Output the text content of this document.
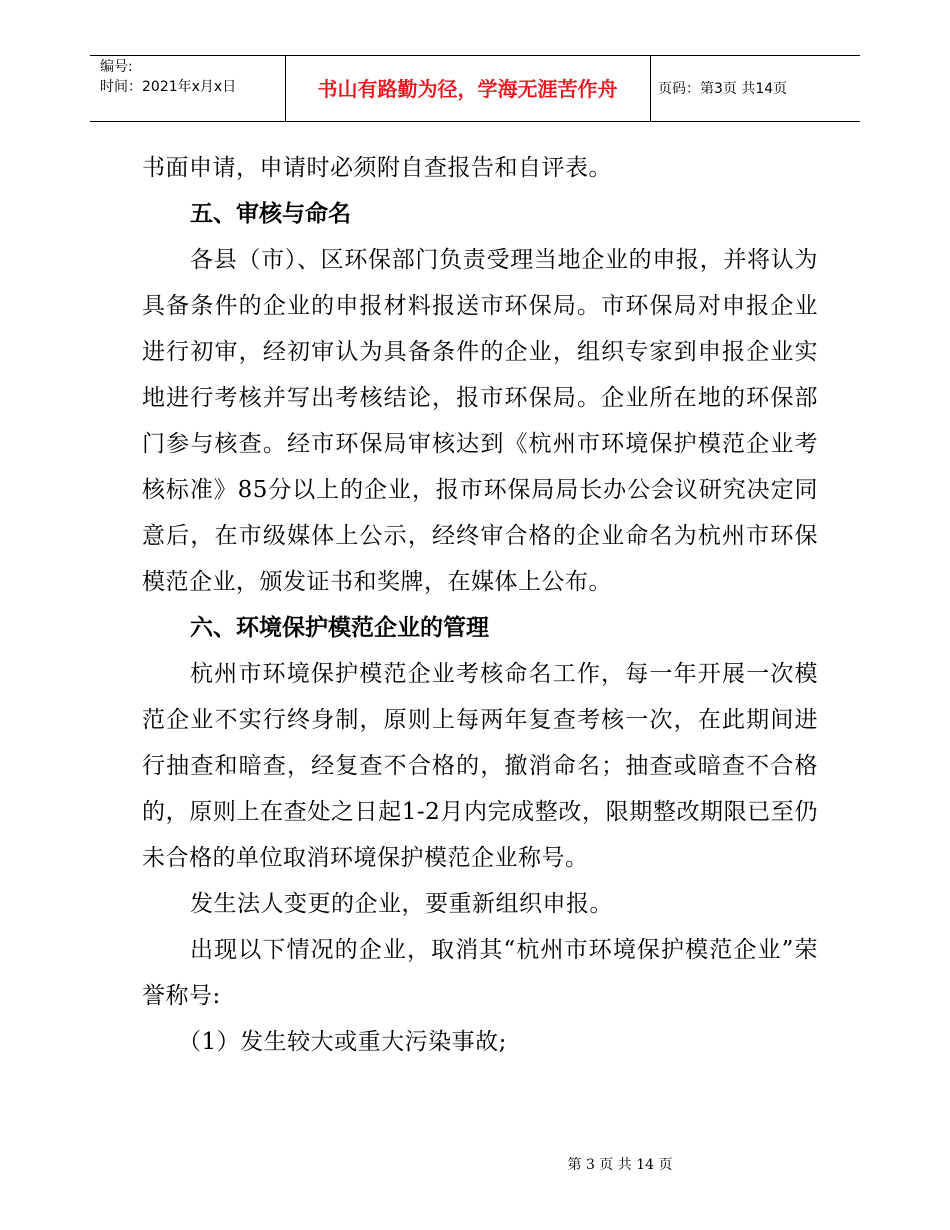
编号:
时间：2021年x月x日	书山有路勤为径，学海无涯苦作舟	页码：第3页 共14页

书面申请，申请时必须附自查报告和自评表。

五、审核与命名

各县（市）、区环保部门负责受理当地企业的申报，并将认为具备条件的企业的申报材料报送市环保局。市环保局对申报企业进行初审，经初审认为具备条件的企业，组织专家到申报企业实地进行考核并写出考核结论，报市环保局。企业所在地的环保部门参与核查。经市环保局审核达到《杭州市环境保护模范企业考核标准》85分以上的企业，报市环保局局长办公会议研究决定同意后，在市级媒体上公示，经终审合格的企业命名为杭州市环保模范企业，颁发证书和奖牌，在媒体上公布。

六、环境保护模范企业的管理

杭州市环境保护模范企业考核命名工作，每一年开展一次模范企业不实行终身制，原则上每两年复查考核一次，在此期间进行抽查和暗查，经复查不合格的，撤消命名；抽查或暗查不合格的，原则上在查处之日起1-2月内完成整改，限期整改期限已至仍未合格的单位取消环境保护模范企业称号。

发生法人变更的企业，要重新组织申报。

出现以下情况的企业，取消其“杭州市环境保护模范企业”荣誉称号:

（1）发生较大或重大污染事故;

第 3 页 共 14 页
